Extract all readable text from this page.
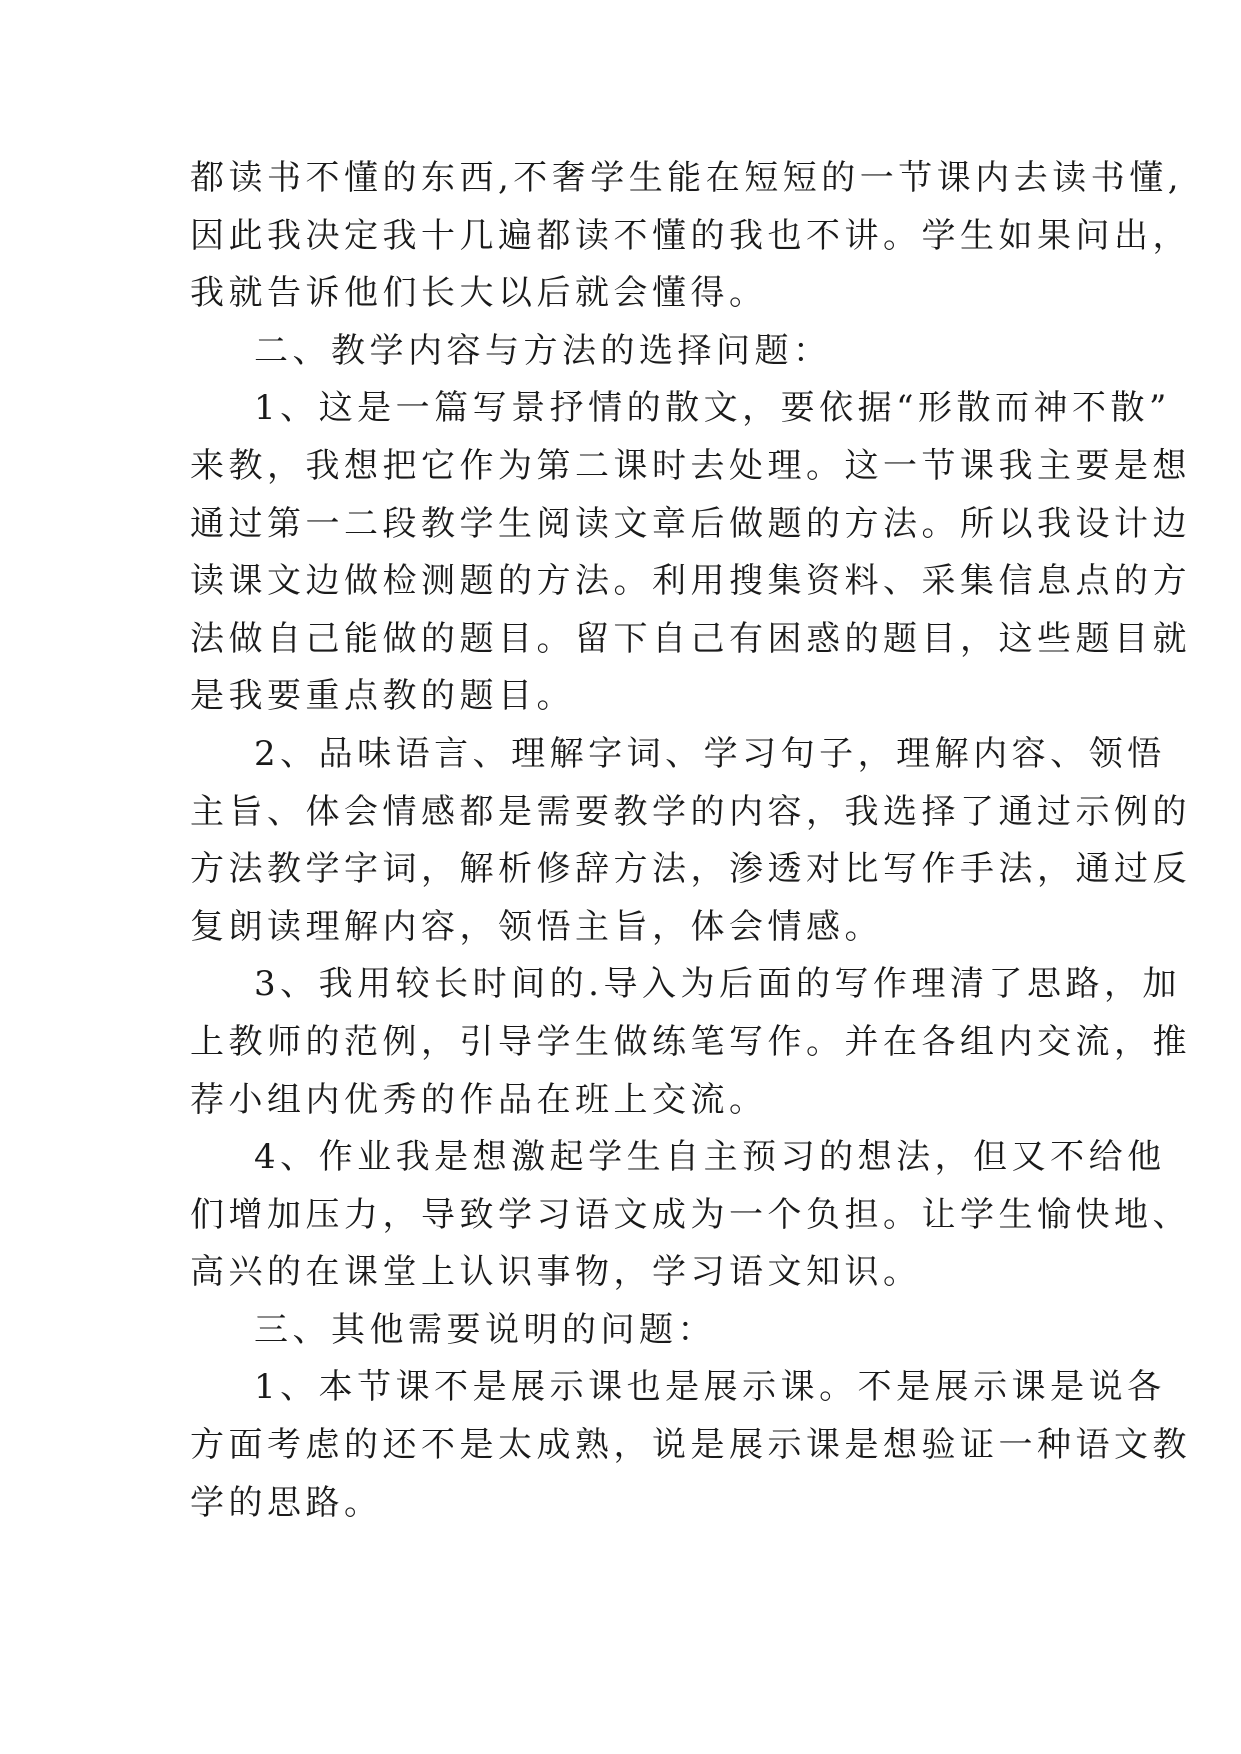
都读书不懂的东西,不奢学生能在短短的一节课内去读书懂,

因此我决定我十几遍都读不懂的我也不讲。学生如果问出，

我就告诉他们长大以后就会懂得。

二、教学内容与方法的选择问题：

1、这是一篇写景抒情的散文，要依据“形散而神不散”

来教，我想把它作为第二课时去处理。这一节课我主要是想

通过第一二段教学生阅读文章后做题的方法。所以我设计边

读课文边做检测题的方法。利用搜集资料、采集信息点的方

法做自己能做的题目。留下自己有困惑的题目，这些题目就

是我要重点教的题目。

2、品味语言、理解字词、学习句子，理解内容、领悟

主旨、体会情感都是需要教学的内容，我选择了通过示例的

方法教学字词，解析修辞方法，渗透对比写作手法，通过反

复朗读理解内容，领悟主旨，体会情感。

3、我用较长时间的.导入为后面的写作理清了思路，加

上教师的范例，引导学生做练笔写作。并在各组内交流，推

荐小组内优秀的作品在班上交流。

4、作业我是想激起学生自主预习的想法，但又不给他

们增加压力，导致学习语文成为一个负担。让学生愉快地、

高兴的在课堂上认识事物，学习语文知识。

三、其他需要说明的问题：

1、本节课不是展示课也是展示课。不是展示课是说各

方面考虑的还不是太成熟，说是展示课是想验证一种语文教

学的思路。
